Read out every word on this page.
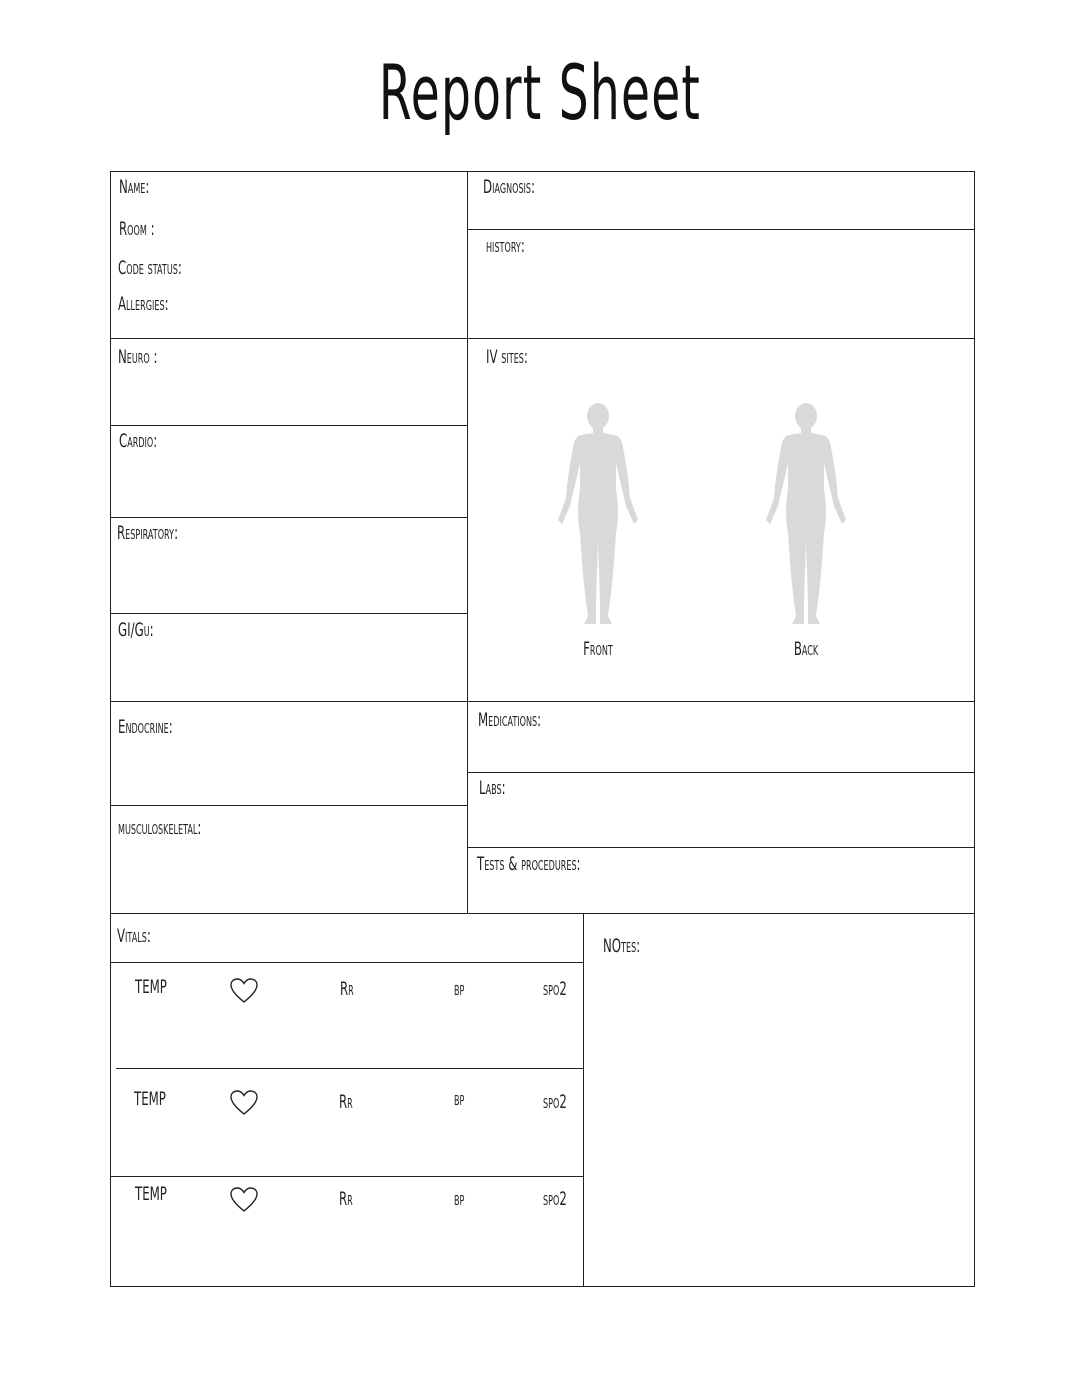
Report Sheet
Name:
Room :
Code status:
Allergies:
Diagnosis:
history:
Neuro :
Cardio:
Respiratory:
GI/Gu:
Endocrine:
musculoskeletal:
IV sites:
Front	Back
Medications:
Labs:
Tests & procedures:
Vitals:	NOtes:
TEMP	Rr	bp	spo2
TEMP	Rr	bp	spo2
TEMP	Rr	bp	spo2
